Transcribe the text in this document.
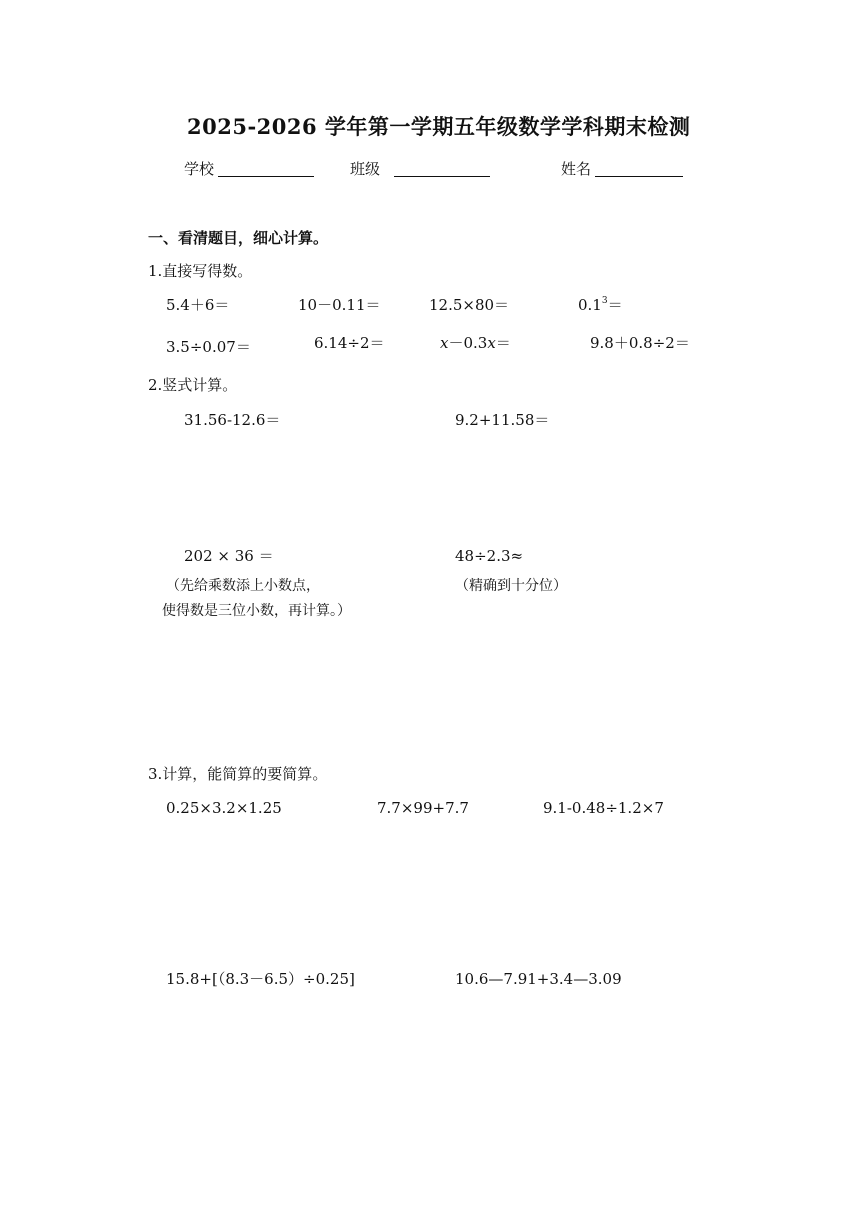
2025-2026 学年第一学期五年级数学学科期末检测
学校	班级	姓名
一、看清题目，细心计算。
1.直接写得数。
5.4＋6＝	10－0.11＝	12.5×80＝	$0.1^3=$
3.5÷0.07＝	6.14÷2＝	x－0.3x＝	9.8＋0.8÷2＝
2.竖式计算。
31.56-12.6＝	9.2+11.58＝
202 × 36 ＝	48÷2.3≈
（先给乘数添上小数点，
使得数是三位小数，再计算。）
（精确到十分位）
3.计算，能简算的要简算。
0.25×3.2×1.25	7.7×99+7.7	9.1-0.48÷1.2×7
15.8+[（8.3－6.5）÷0.25]	10.6—7.91+3.4—3.09
